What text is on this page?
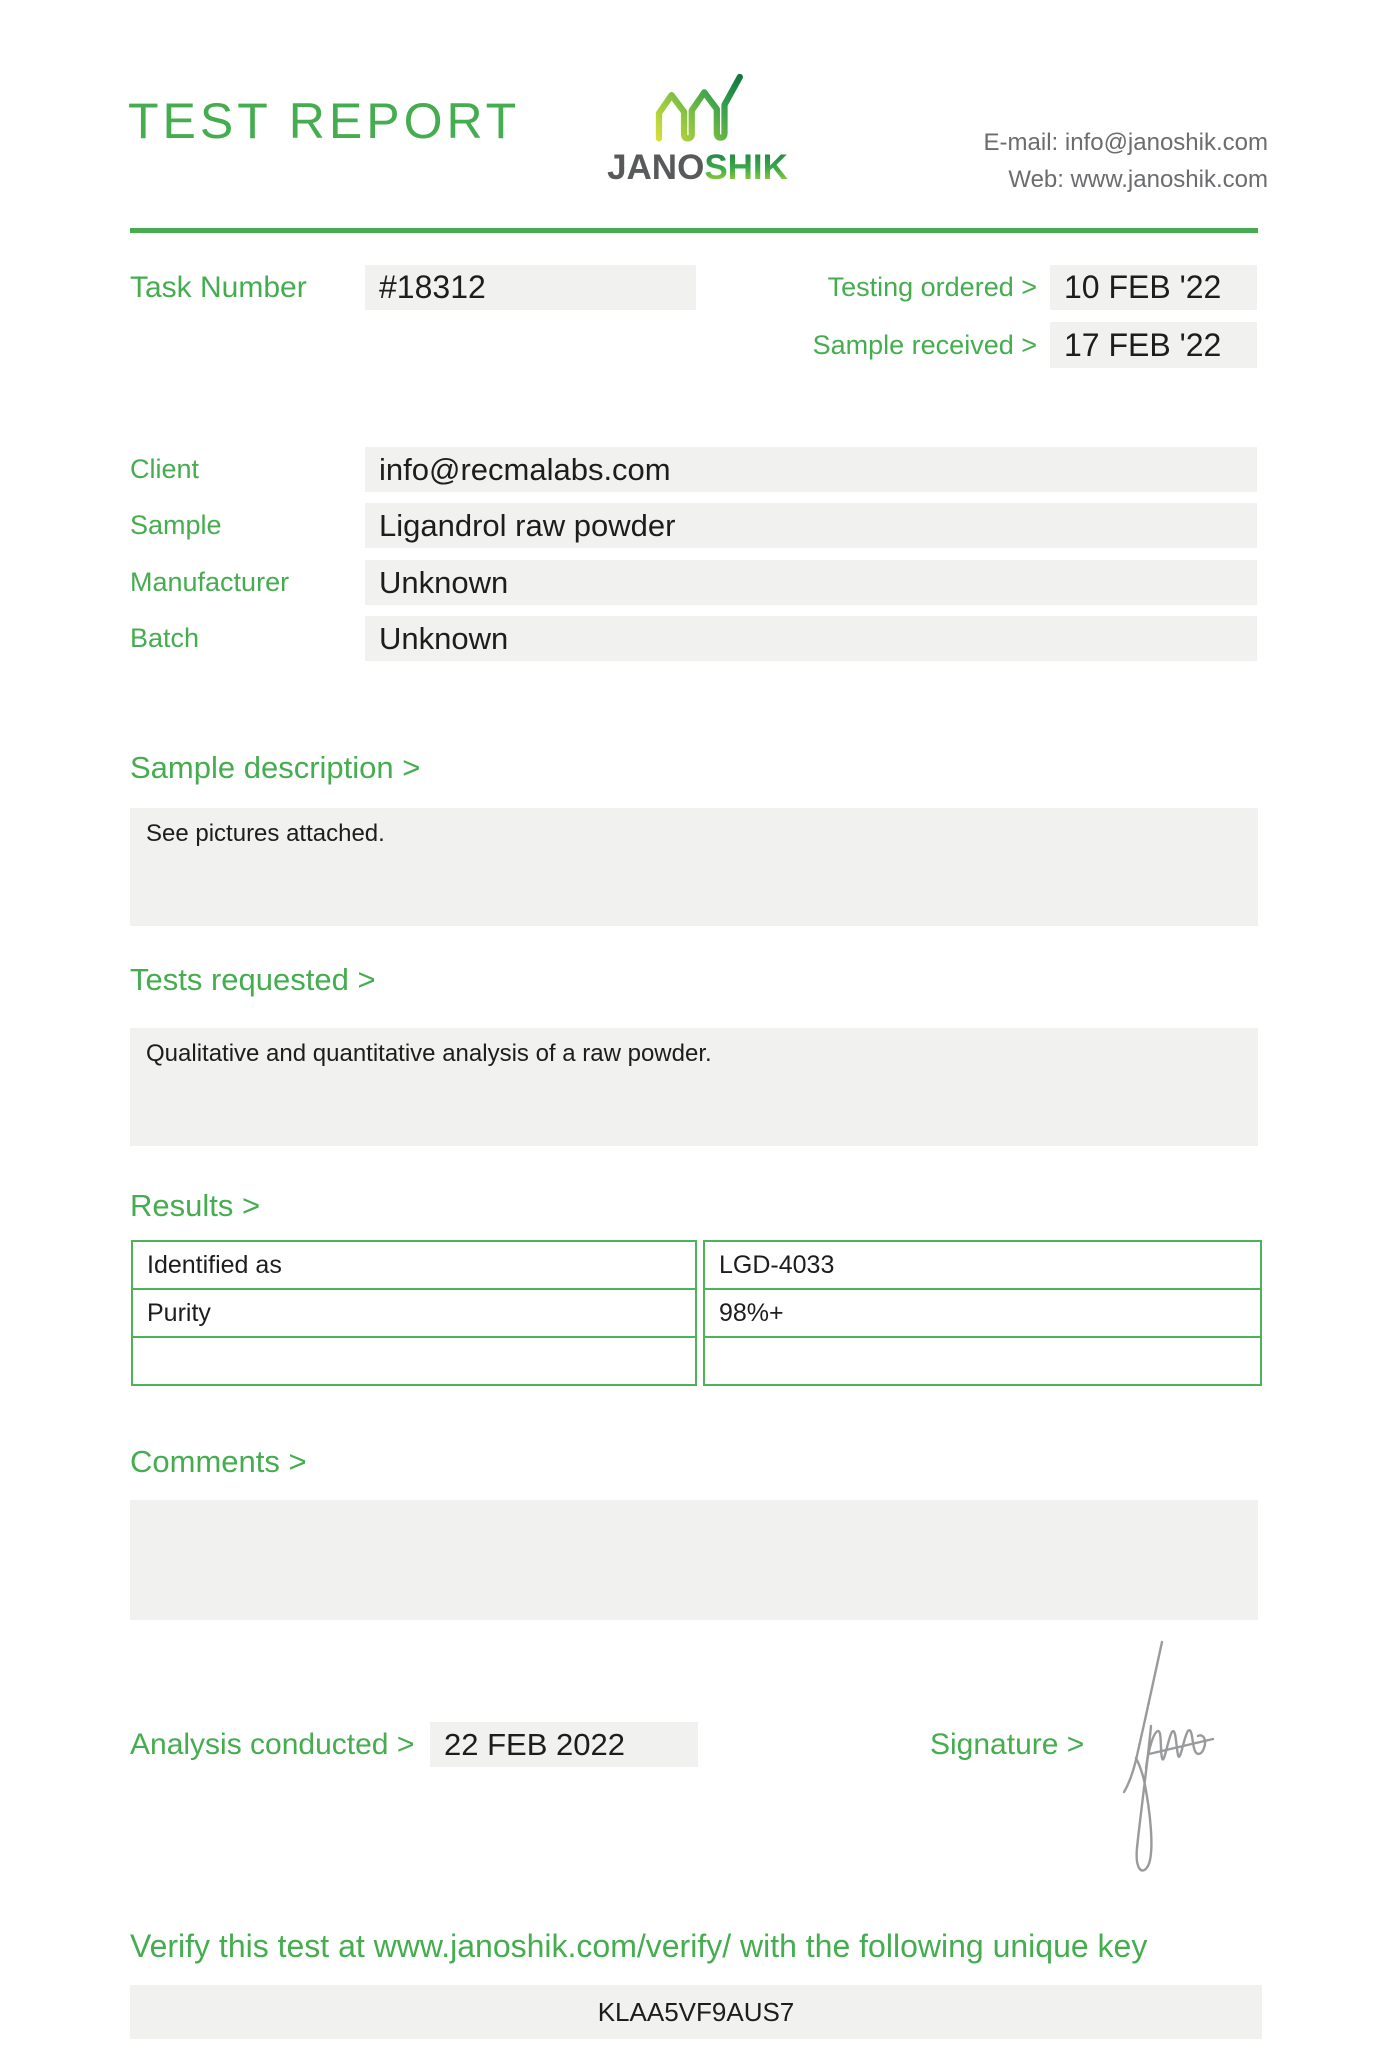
TEST REPORT
JANOSHIK
E-mail: info@janoshik.com
Web: www.janoshik.com
Task Number	#18312	Testing ordered > 10 FEB '22
Sample received > 17 FEB '22
Client	info@recmalabs.com
Sample	Ligandrol raw powder
Manufacturer	Unknown
Batch	Unknown
Sample description >
See pictures attached.
Tests requested >
Qualitative and quantitative analysis of a raw powder.
Results >
Identified as	LGD-4033
Purity	98%+
Comments >
Analysis conducted > 22 FEB 2022	Signature >
Verify this test at www.janoshik.com/verify/ with the following unique key
KLAA5VF9AUS7
